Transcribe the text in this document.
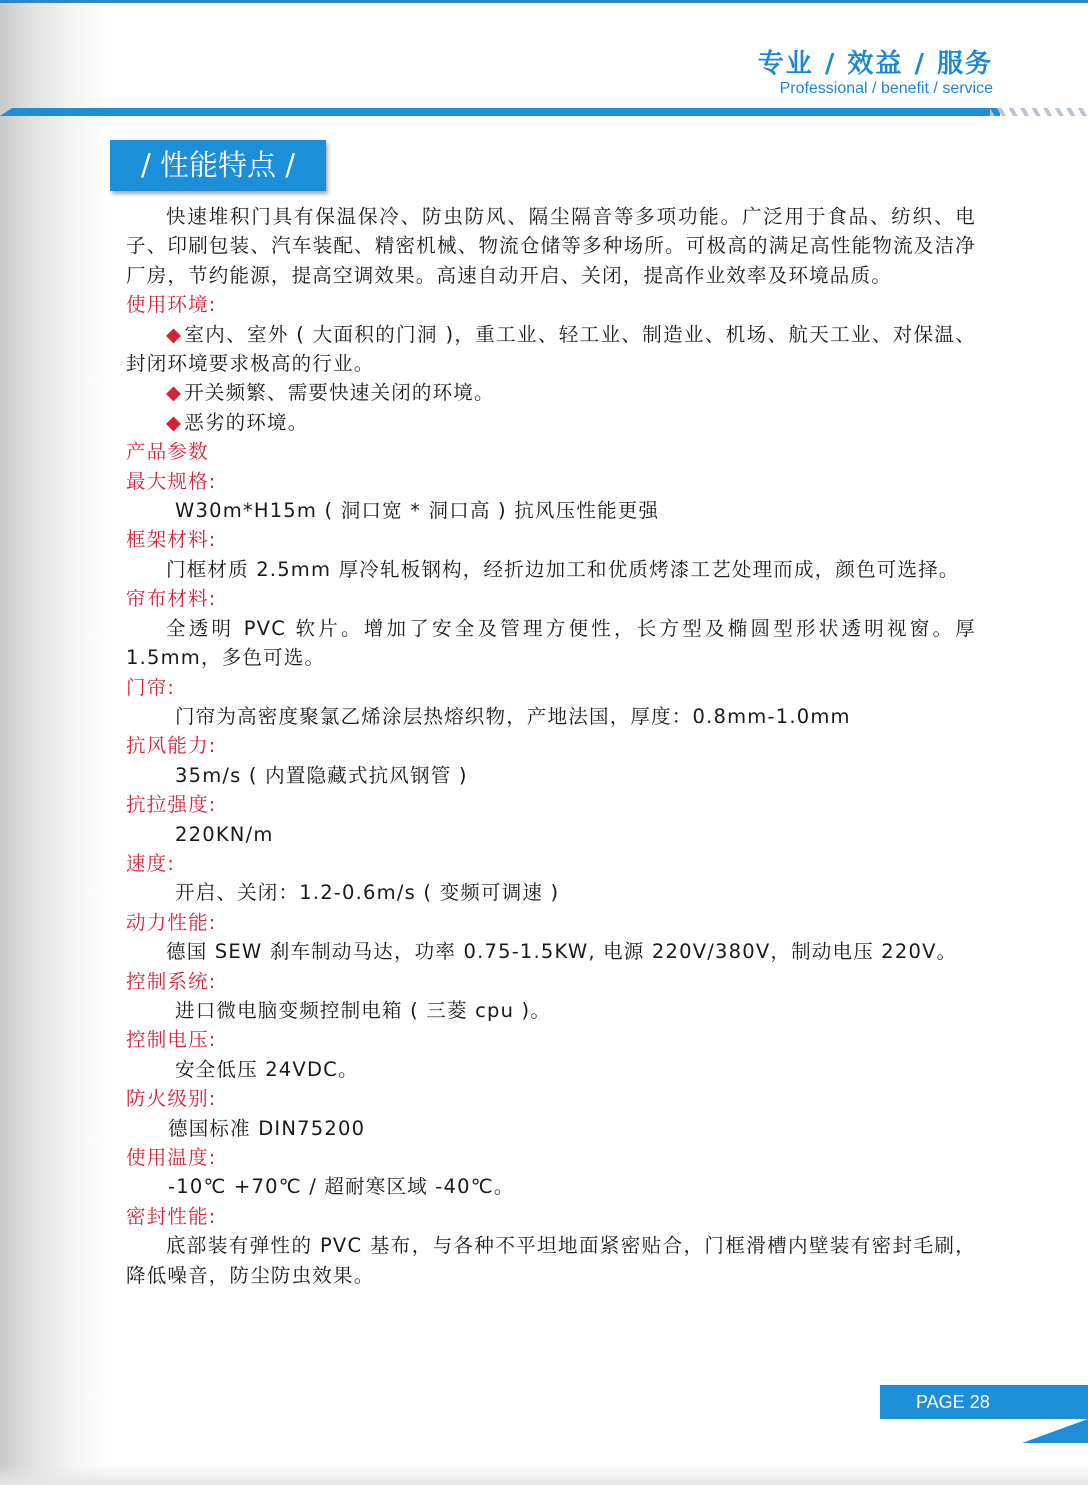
专业 / 效益 / 服务
Professional / benefit / service
/ 性能特点 /

快速堆积门具有保温保冷、防虫防风、隔尘隔音等多项功能。广泛用于食品、纺织、电子、印刷包装、汽车装配、精密机械、物流仓储等多种场所。可极高的满足高性能物流及洁净厂房，节约能源，提高空调效果。高速自动开启、关闭，提高作业效率及环境品质。

使用环境:

◆ 室内、室外 ( 大面积的门洞 )，重工业、轻工业、制造业、机场、航天工业、对保温、封闭环境要求极高的行业。

◆ 开关频繁、需要快速关闭的环境。

◆ 恶劣的环境。

产品参数

最大规格:

W30m*H15m ( 洞口宽 * 洞口高 ) 抗风压性能更强

框架材料:

门框材质 2.5mm 厚冷轧板钢构，经折边加工和优质烤漆工艺处理而成，颜色可选择。

帘布材料:

全透明 PVC 软片。增加了安全及管理方便性，长方型及椭圆型形状透明视窗。厚 1.5mm，多色可选。

门帘:

门帘为高密度聚氯乙烯涂层热熔织物，产地法国，厚度：0.8mm-1.0mm

抗风能力:

35m/s ( 内置隐藏式抗风钢管 )

抗拉强度:

220KN/m

速度:

开启、关闭：1.2-0.6m/s ( 变频可调速 )

动力性能:

德国 SEW 刹车制动马达，功率 0.75-1.5KW, 电源 220V/380V，制动电压 220V。

控制系统:

进口微电脑变频控制电箱 ( 三菱 cpu )。

控制电压:

安全低压 24VDC。

防火级别:

德国标准 DIN75200

使用温度:

-10℃ +70℃ / 超耐寒区域 -40℃。

密封性能:

底部装有弹性的 PVC 基布，与各种不平坦地面紧密贴合，门框滑槽内壁装有密封毛刷，降低噪音，防尘防虫效果。

PAGE 28
